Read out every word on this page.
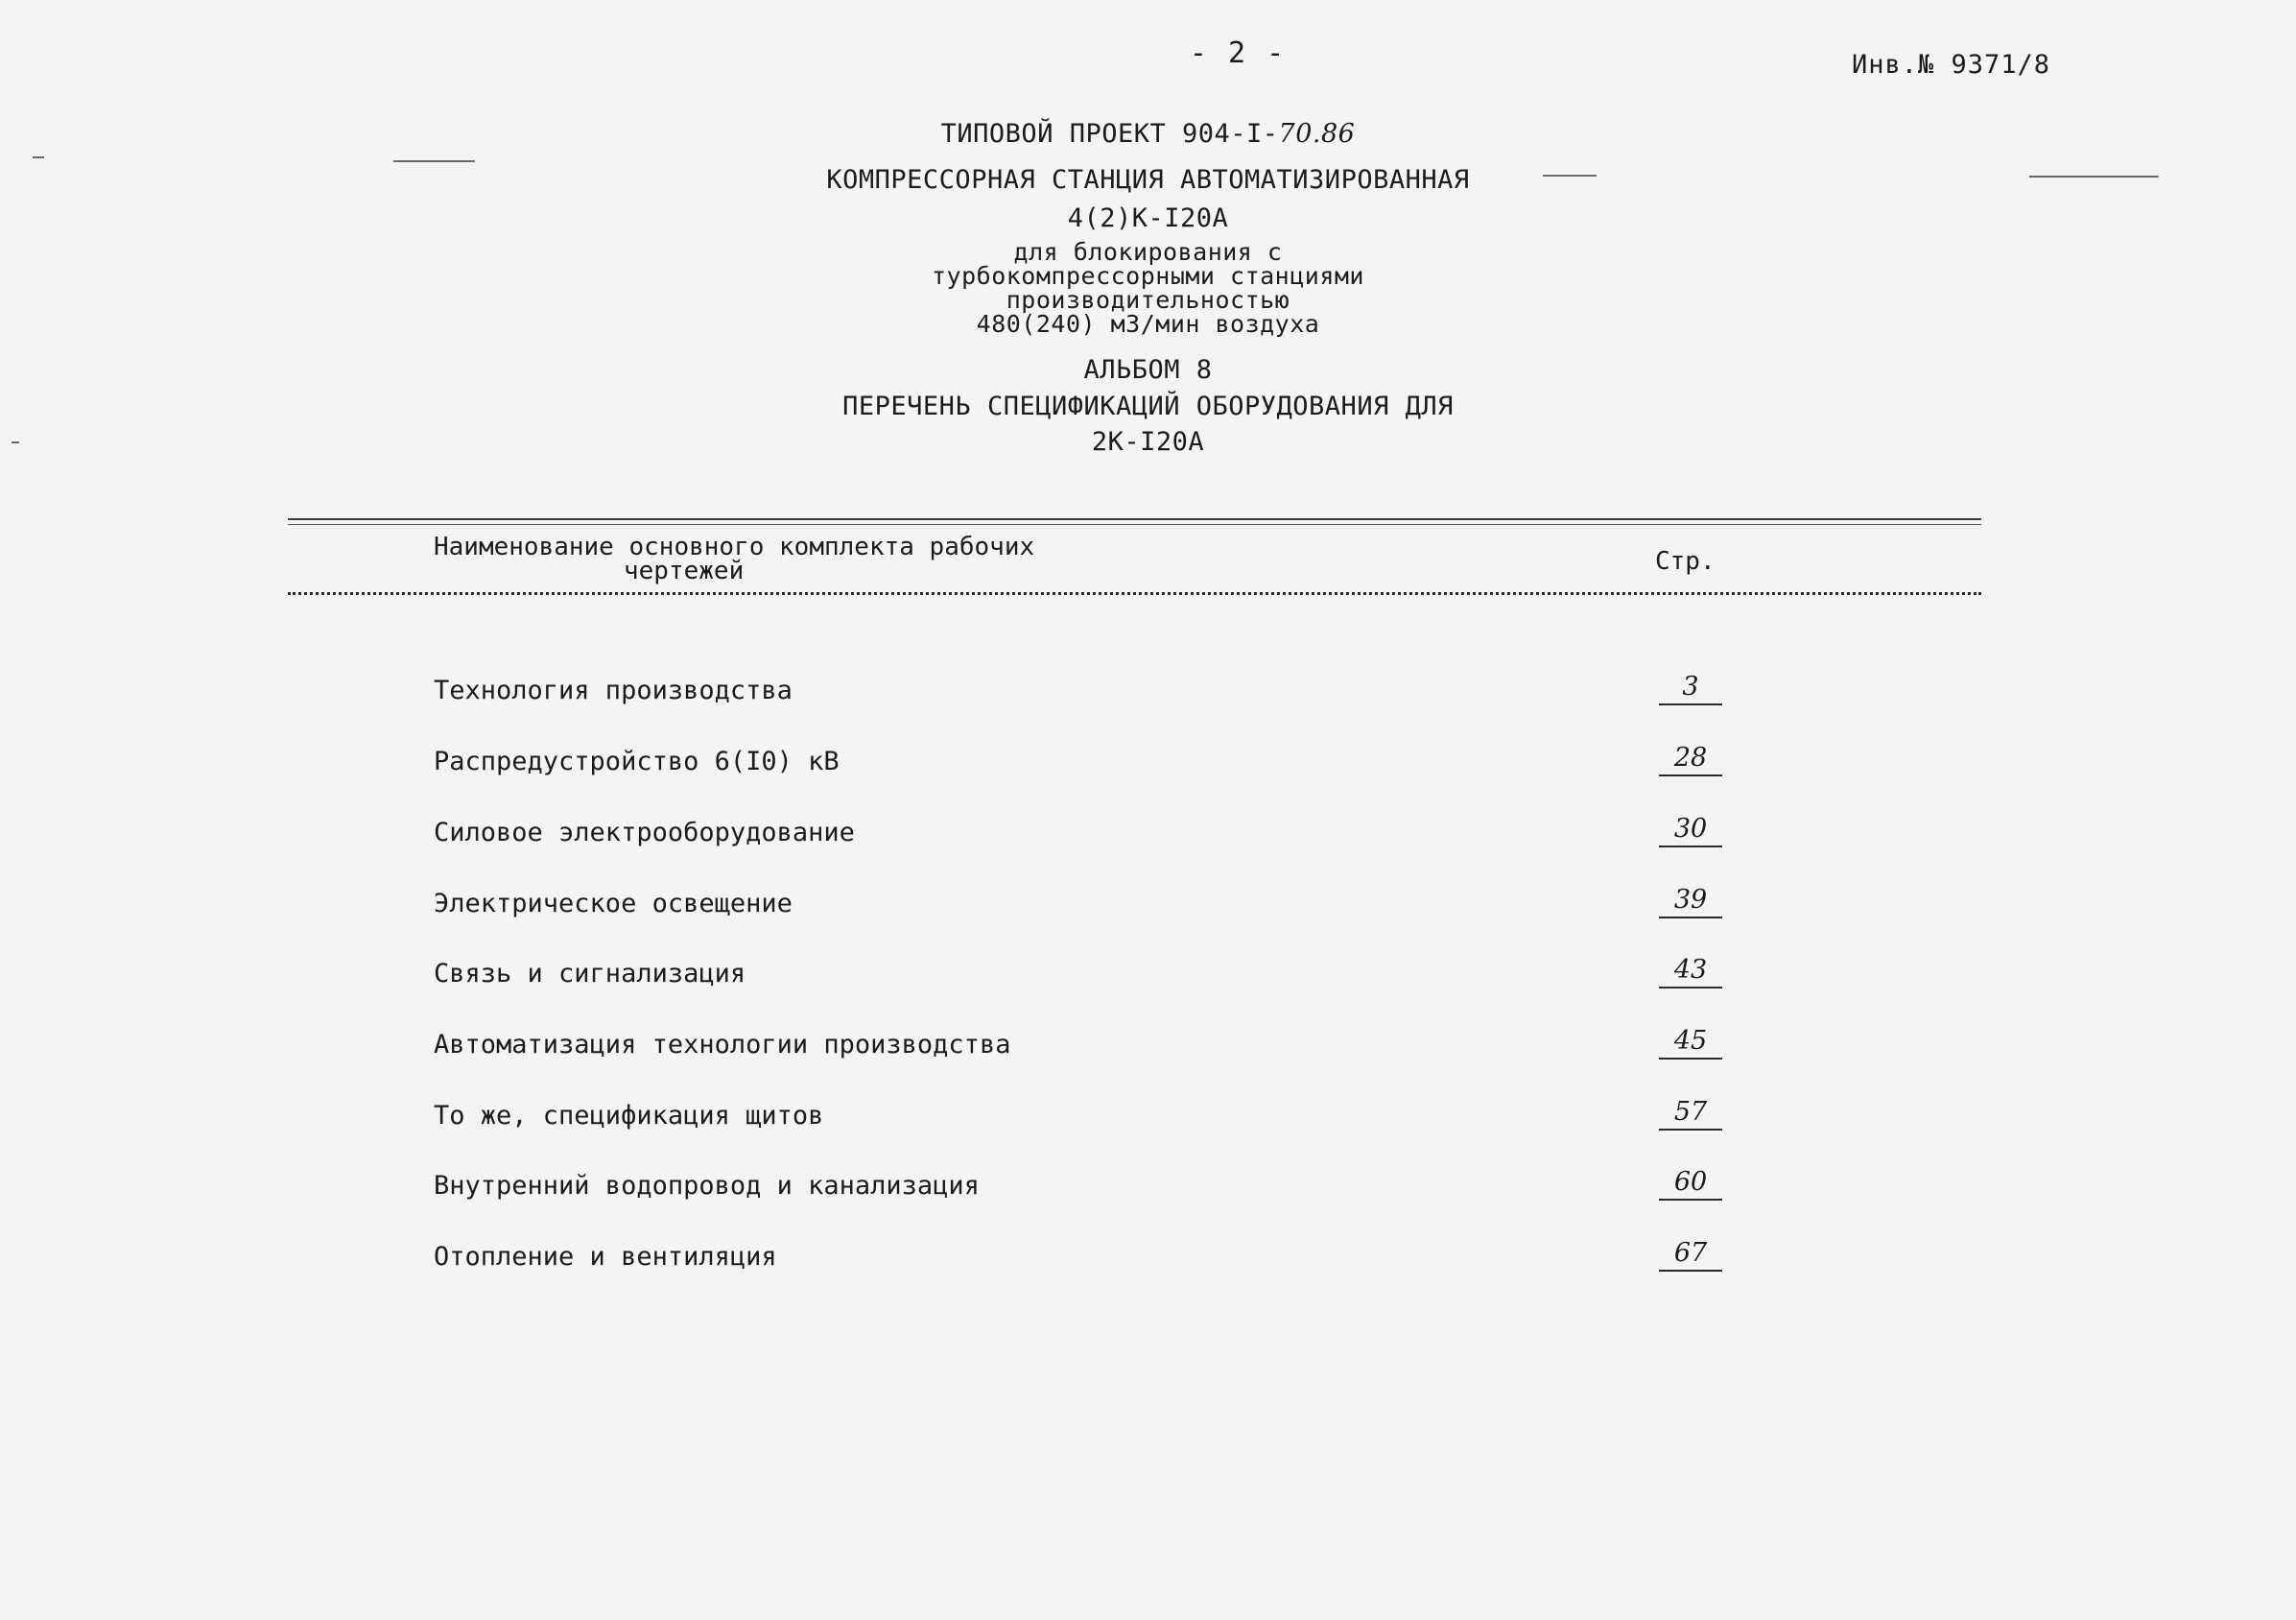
- 2 -	Инв.№ 9371/8
ТИПОВОЙ ПРОЕКТ 904-I-70.86
КОМПРЕССОРНАЯ СТАНЦИЯ АВТОМАТИЗИРОВАННАЯ
4(2)К-I20А
для блокирования с
турбокомпрессорными станциями
производительностью
480(240) м3/мин воздуха
АЛЬБОМ 8
ПЕРЕЧЕНЬ СПЕЦИФИКАЦИЙ ОБОРУДОВАНИЯ ДЛЯ
2К-I20А
Наименование основного комплекта рабочих
чертежей	Стр.
Технология производства	3
Распредустройство 6(I0) кВ	28
Силовое электрооборудование	30
Электрическое освещение	39
Связь и сигнализация	43
Автоматизация технологии производства	45
То же, спецификация щитов	57
Внутренний водопровод и канализация	60
Отопление и вентиляция	67
